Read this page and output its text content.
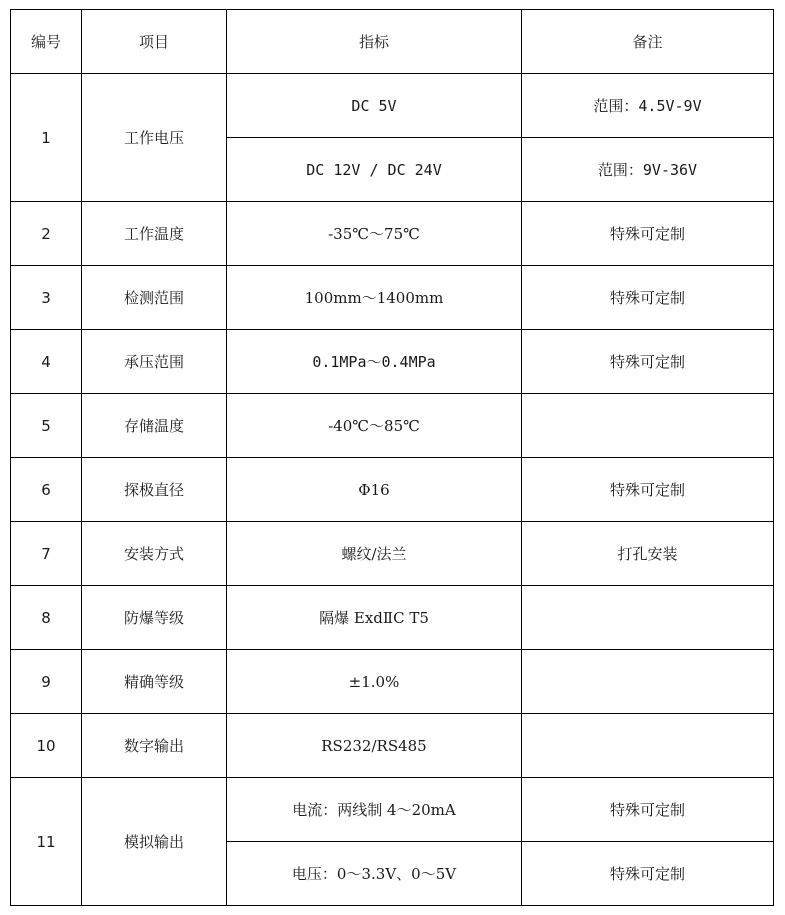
编号	项目	指标	备注
1	工作电压	DC 5V	范围：4.5V-9V
		DC 12V / DC 24V	范围：9V-36V
2	工作温度	-35℃～75℃	特殊可定制
3	检测范围	100mm～1400mm	特殊可定制
4	承压范围	0.1MPa～0.4MPa	特殊可定制
5	存储温度	-40℃～85℃	
6	探极直径	Φ16	特殊可定制
7	安装方式	螺纹/法兰	打孔安装
8	防爆等级	隔爆 ExdⅡC T5	
9	精确等级	±1.0%	
10	数字输出	RS232/RS485	
11	模拟输出	电流：两线制 4～20mA	特殊可定制
		电压：0～3.3V、0～5V	特殊可定制
